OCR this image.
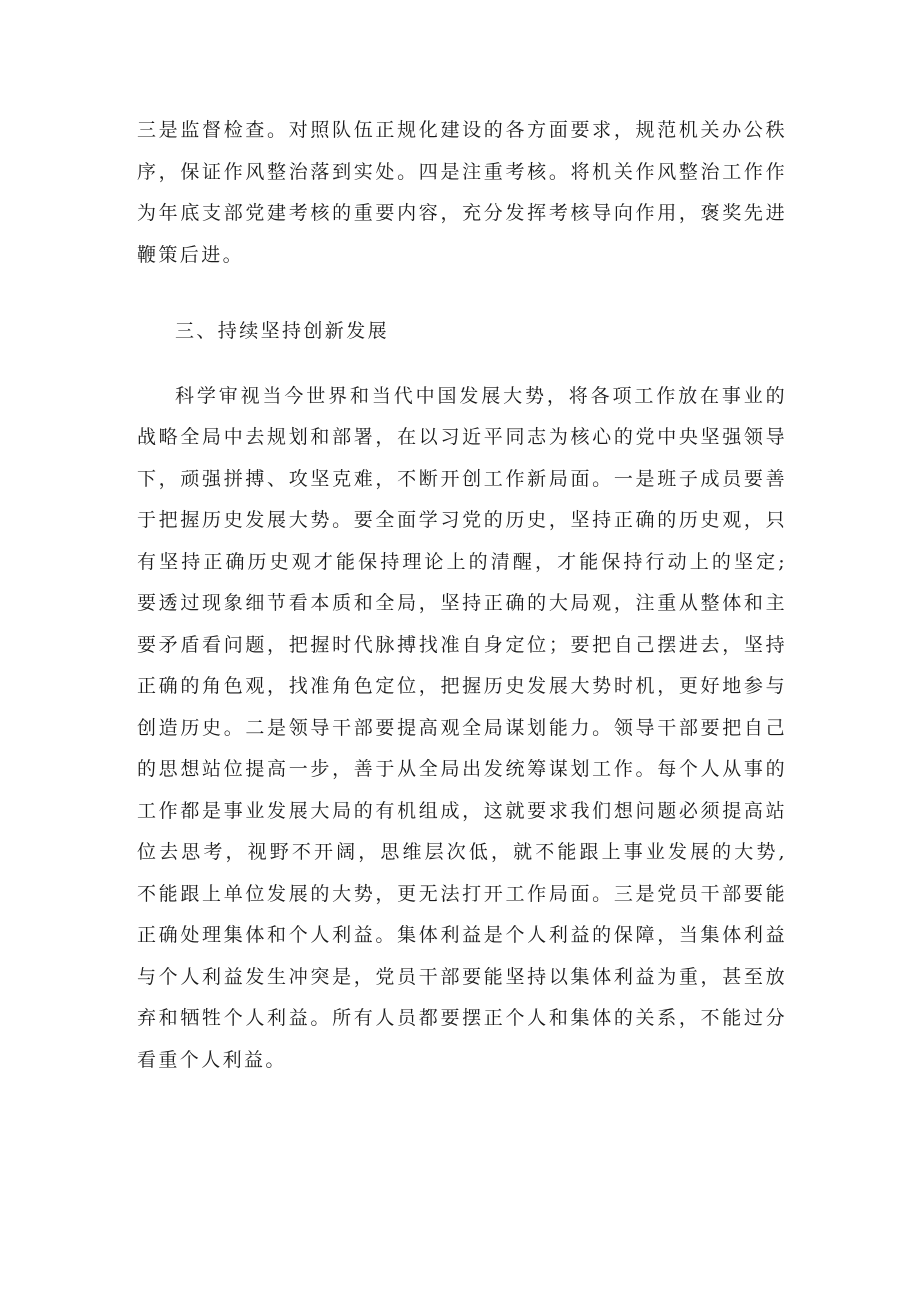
三是监督检查。对照队伍正规化建设的各方面要求，规范机关办公秩序，保证作风整治落到实处。四是注重考核。将机关作风整治工作作为年底支部党建考核的重要内容，充分发挥考核导向作用，褒奖先进鞭策后进。

三、持续坚持创新发展

科学审视当今世界和当代中国发展大势，将各项工作放在事业的战略全局中去规划和部署，在以习近平同志为核心的党中央坚强领导下，顽强拼搏、攻坚克难，不断开创工作新局面。一是班子成员要善于把握历史发展大势。要全面学习党的历史，坚持正确的历史观，只有坚持正确历史观才能保持理论上的清醒，才能保持行动上的坚定;要透过现象细节看本质和全局，坚持正确的大局观，注重从整体和主要矛盾看问题，把握时代脉搏找准自身定位；要把自己摆进去，坚持正确的角色观，找准角色定位，把握历史发展大势时机，更好地参与创造历史。二是领导干部要提高观全局谋划能力。领导干部要把自己的思想站位提高一步，善于从全局出发统筹谋划工作。每个人从事的工作都是事业发展大局的有机组成，这就要求我们想问题必须提高站位去思考，视野不开阔，思维层次低，就不能跟上事业发展的大势,不能跟上单位发展的大势，更无法打开工作局面。三是党员干部要能正确处理集体和个人利益。集体利益是个人利益的保障，当集体利益与个人利益发生冲突是，党员干部要能坚持以集体利益为重，甚至放弃和牺牲个人利益。所有人员都要摆正个人和集体的关系，不能过分看重个人利益。
